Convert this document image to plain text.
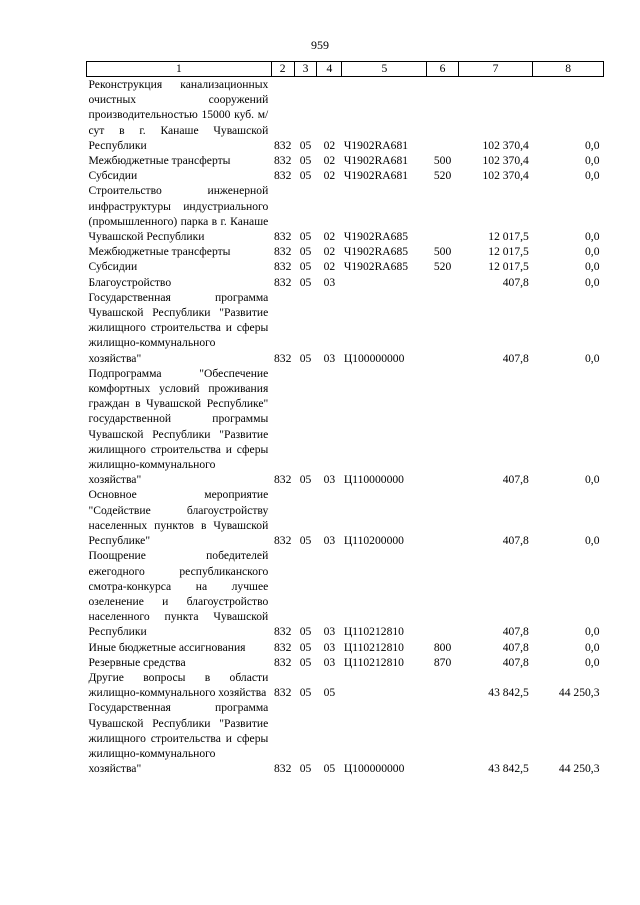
959
1	2	3	4	5	6	7	8
Реконструкция канализационных очистных сооружений производительностью 15000 куб. м/сут в г. Канаше Чувашской Республики	832	05	02	Ч1902RA681		102 370,4	0,0
Межбюджетные трансферты	832	05	02	Ч1902RA681	500	102 370,4	0,0
Субсидии	832	05	02	Ч1902RA681	520	102 370,4	0,0
Строительство инженерной инфраструктуры индустриального (промышленного) парка в г. Канаше Чувашской Республики	832	05	02	Ч1902RA685		12 017,5	0,0
Межбюджетные трансферты	832	05	02	Ч1902RA685	500	12 017,5	0,0
Субсидии	832	05	02	Ч1902RA685	520	12 017,5	0,0
Благоустройство	832	05	03			407,8	0,0
Государственная программа Чувашской Республики "Развитие жилищного строительства и сферы жилищно-коммунального хозяйства"	832	05	03	Ц100000000		407,8	0,0
Подпрограмма "Обеспечение комфортных условий проживания граждан в Чувашской Республике" государственной программы Чувашской Республики "Развитие жилищного строительства и сферы жилищно-коммунального хозяйства"	832	05	03	Ц110000000		407,8	0,0
Основное мероприятие "Содействие благоустройству населенных пунктов в Чувашской Республике"	832	05	03	Ц110200000		407,8	0,0
Поощрение победителей ежегодного республиканского смотра-конкурса на лучшее озеленение и благоустройство населенного пункта Чувашской Республики	832	05	03	Ц110212810		407,8	0,0
Иные бюджетные ассигнования	832	05	03	Ц110212810	800	407,8	0,0
Резервные средства	832	05	03	Ц110212810	870	407,8	0,0
Другие вопросы в области жилищно-коммунального хозяйства	832	05	05			43 842,5	44 250,3
Государственная программа Чувашской Республики "Развитие жилищного строительства и сферы жилищно-коммунального хозяйства"	832	05	05	Ц100000000		43 842,5	44 250,3
